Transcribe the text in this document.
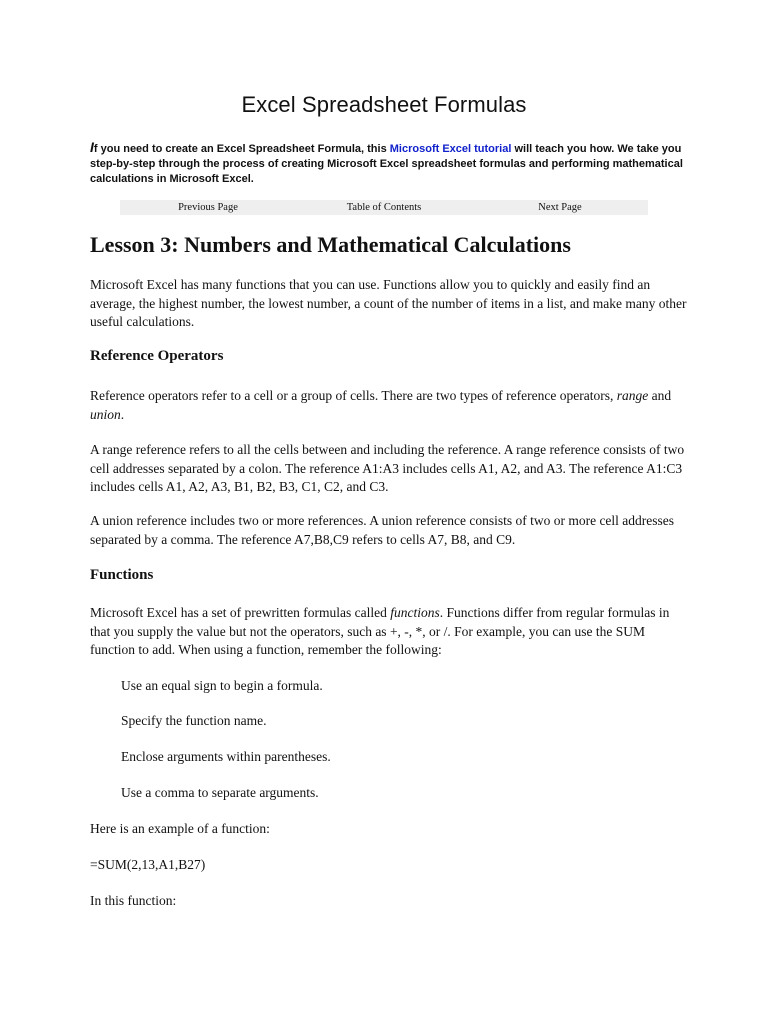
Excel Spreadsheet Formulas

If you need to create an Excel Spreadsheet Formula, this Microsoft Excel tutorial will teach you how. We take you step-by-step through the process of creating Microsoft Excel spreadsheet formulas and performing mathematical calculations in Microsoft Excel.

Previous Page	Table of Contents	Next Page
Lesson 3: Numbers and Mathematical Calculations

Microsoft Excel has many functions that you can use. Functions allow you to quickly and easily find an average, the highest number, the lowest number, a count of the number of items in a list, and make many other useful calculations.

Reference Operators

Reference operators refer to a cell or a group of cells. There are two types of reference operators, range and union.

A range reference refers to all the cells between and including the reference. A range reference consists of two cell addresses separated by a colon. The reference A1:A3 includes cells A1, A2, and A3. The reference A1:C3 includes cells A1, A2, A3, B1, B2, B3, C1, C2, and C3.

A union reference includes two or more references. A union reference consists of two or more cell addresses separated by a comma. The reference A7,B8,C9 refers to cells A7, B8, and C9.

Functions

Microsoft Excel has a set of prewritten formulas called functions. Functions differ from regular formulas in that you supply the value but not the operators, such as +, -, *, or /. For example, you can use the SUM function to add. When using a function, remember the following:

Use an equal sign to begin a formula.

Specify the function name.

Enclose arguments within parentheses.

Use a comma to separate arguments.

Here is an example of a function:

=SUM(2,13,A1,B27)

In this function:
